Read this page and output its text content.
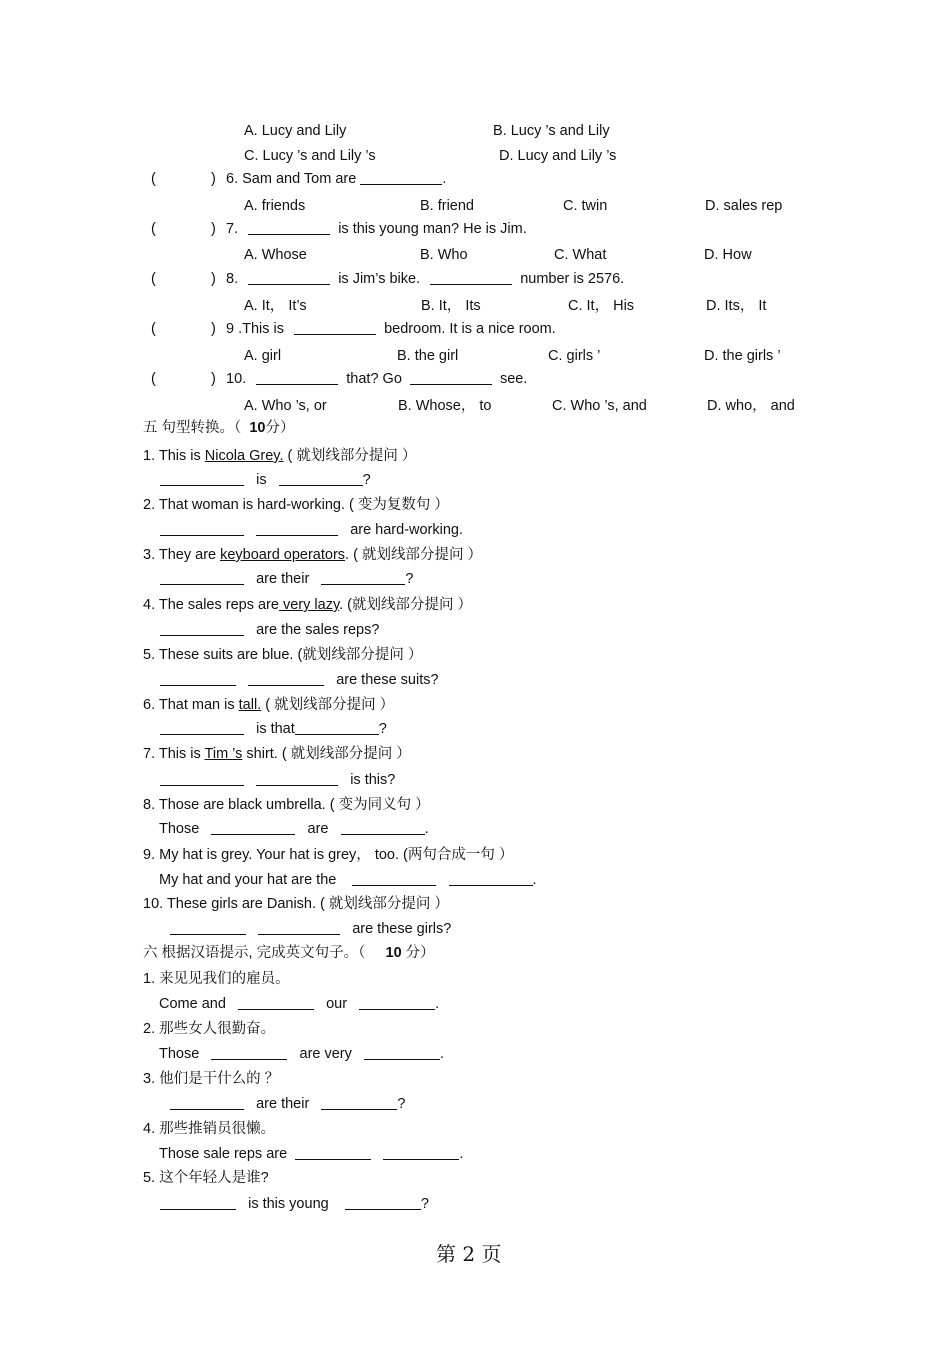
A. Lucy and Lily	B. Lucy ’s and Lily
C. Lucy ’s and Lily ’s	D. Lucy and Lily ’s
(	) 6. Sam and Tom are	.
A. friends	B. friend	C. twin	D. sales rep
(	) 7.	is this young man? He is Jim.
A. Whose	B. Who	C. What	D. How
(	) 8.	is Jim’s bike.	number is 2576.
A. It， It’s	B. It， Its	C. It， His	D. Its， It
(	) 9 .This is	bedroom. It is a nice room.
A. girl	B. the girl	C. girls ’	D. the girls ’
(	) 10.	that? Go	see.
A. Who ’s, or	B. Whose， to	C. Who ’s, and	D. who， and
五 句型转换。（ 10分）
1. This is Nicola Grey. ( 就划线部分提问 ）
is	?
2. That woman is hard-working. ( 变为复数句 ）
are hard-working.
3. They are keyboard operators. ( 就划线部分提问 ）
are their	?
4. The sales reps are very lazy. (就划线部分提问 ）
are the sales reps?
5. These suits are blue. (就划线部分提问 ）
are these suits?
6. That man is tall. ( 就划线部分提问 ）
is that	?
7. This is Tim ’s shirt. ( 就划线部分提问 ）
is this?
8. Those are black umbrella. ( 变为同义句 ）
Those	are	.
9. My hat is grey. Your hat is grey， too. (两句合成一句 ）
My hat and your hat are the	.
10. These girls are Danish. ( 就划线部分提问 ）
are these girls?
六 根据汉语提示, 完成英文句子。（ 10 分）
1. 来见见我们的雇员。
Come and	our	.
2. 那些女人很勤奋。
Those	are very	.
3. 他们是干什么的 ？
are their	?
4. 那些推销员很懒。
Those sale reps are	.
5. 这个年轻人是谁?
is this young	?
第 2 页
